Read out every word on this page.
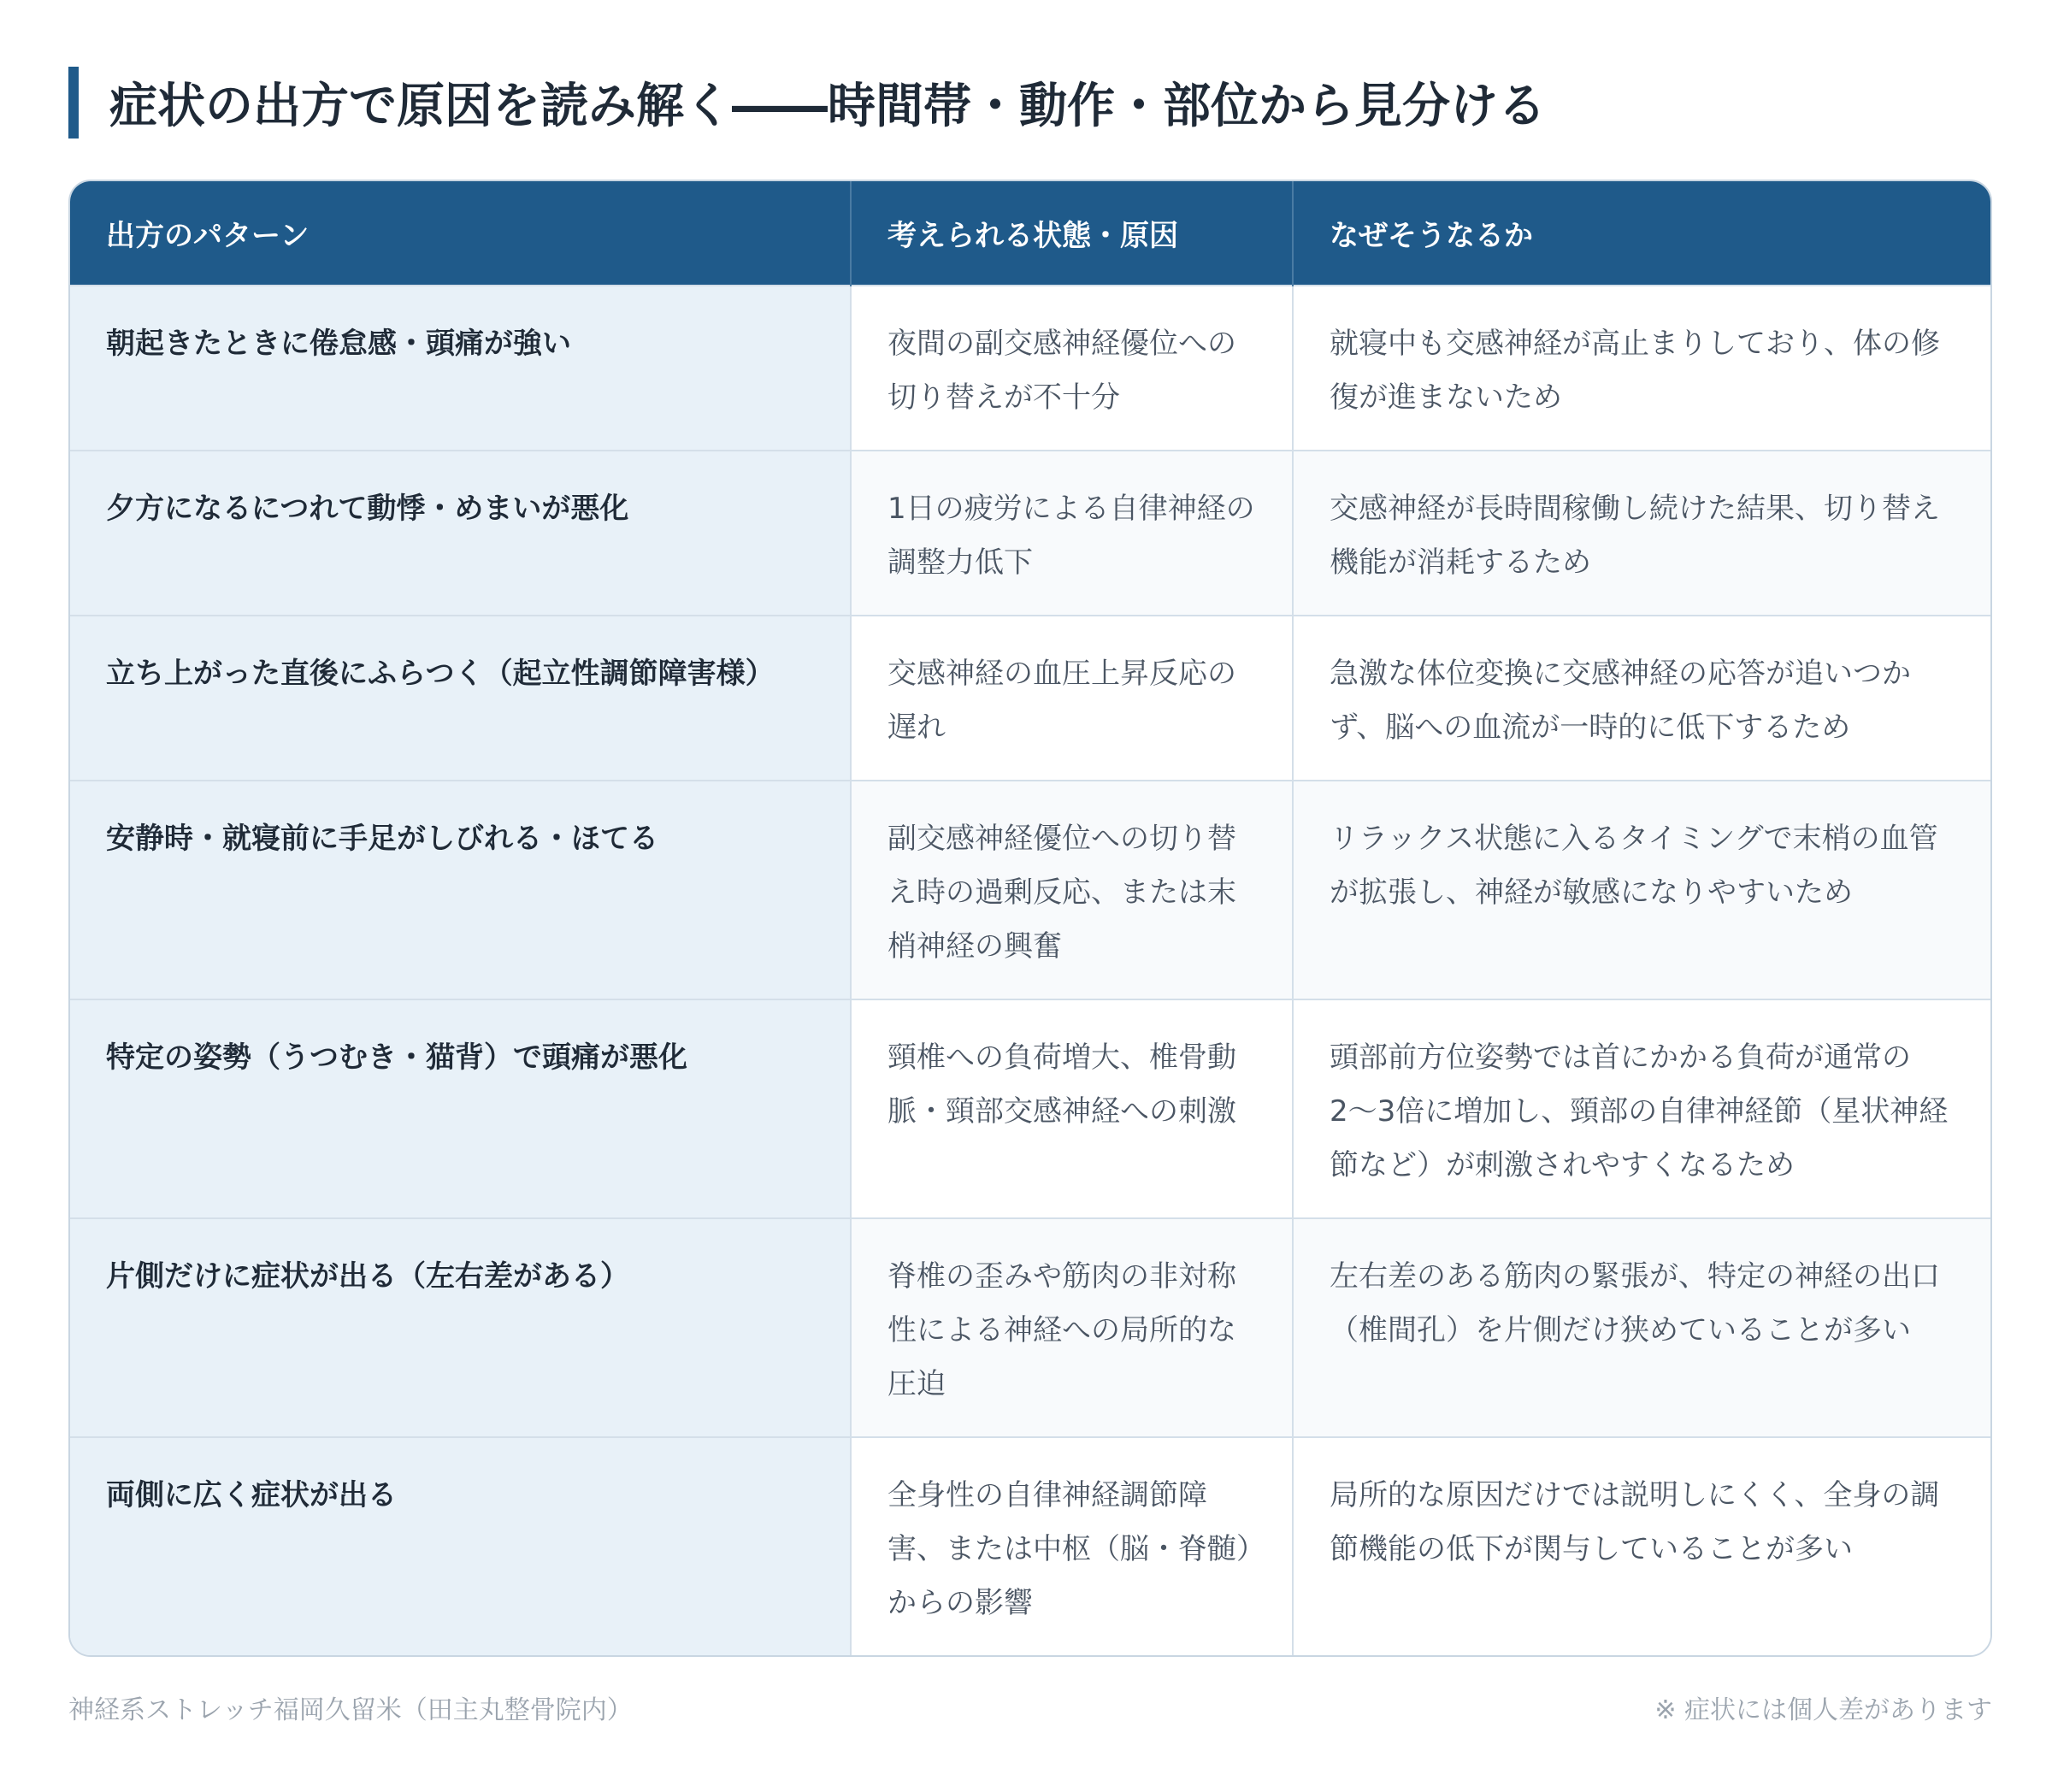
症状の出方で原因を読み解く――時間帯・動作・部位から見分ける
出方のパターン	考えられる状態・原因	なぜそうなるか
朝起きたときに倦怠感・頭痛が強い	夜間の副交感神経優位への切り替えが不十分	就寝中も交感神経が高止まりしており、体の修復が進まないため
夕方になるにつれて動悸・めまいが悪化	1日の疲労による自律神経の調整力低下	交感神経が長時間稼働し続けた結果、切り替え機能が消耗するため
立ち上がった直後にふらつく（起立性調節障害様）	交感神経の血圧上昇反応の遅れ	急激な体位変換に交感神経の応答が追いつかず、脳への血流が一時的に低下するため
安静時・就寝前に手足がしびれる・ほてる	副交感神経優位への切り替え時の過剰反応、または末梢神経の興奮	リラックス状態に入るタイミングで末梢の血管が拡張し、神経が敏感になりやすいため
特定の姿勢（うつむき・猫背）で頭痛が悪化	頸椎への負荷増大、椎骨動脈・頸部交感神経への刺激	頭部前方位姿勢では首にかかる負荷が通常の2〜3倍に増加し、頸部の自律神経節（星状神経節など）が刺激されやすくなるため
片側だけに症状が出る（左右差がある）	脊椎の歪みや筋肉の非対称性による神経への局所的な圧迫	左右差のある筋肉の緊張が、特定の神経の出口（椎間孔）を片側だけ狭めていることが多い
両側に広く症状が出る	全身性の自律神経調節障害、または中枢（脳・脊髄）からの影響	局所的な原因だけでは説明しにくく、全身の調節機能の低下が関与していることが多い
神経系ストレッチ福岡久留米（田主丸整骨院内）	※ 症状には個人差があります
